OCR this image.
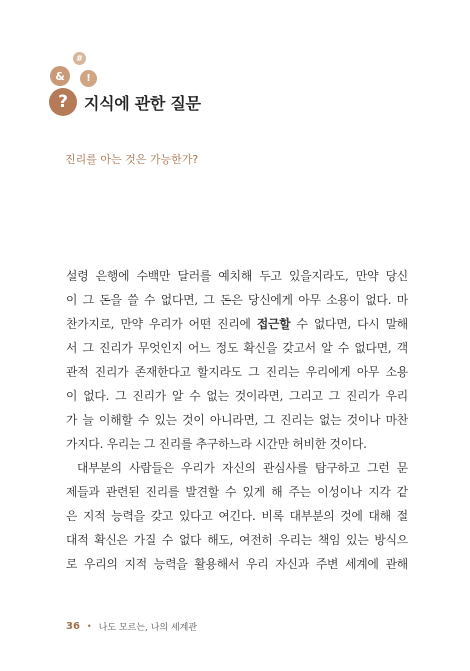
#
&	!
?	지식에 관한 질문
진리를 아는 것은 가능한가?
설령 은행에 수백만 달러를 예치해 두고 있을지라도, 만약 당신
이 그 돈을 쓸 수 없다면, 그 돈은 당신에게 아무 소용이 없다. 마
찬가지로, 만약 우리가 어떤 진리에 접근할 수 없다면, 다시 말해
서 그 진리가 무엇인지 어느 정도 확신을 갖고서 알 수 없다면, 객
관적 진리가 존재한다고 할지라도 그 진리는 우리에게 아무 소용
이 없다. 그 진리가 알 수 없는 것이라면, 그리고 그 진리가 우리
가 늘 이해할 수 있는 것이 아니라면, 그 진리는 없는 것이나 마찬
가지다. 우리는 그 진리를 추구하느라 시간만 허비한 것이다.
대부분의 사람들은 우리가 자신의 관심사를 탐구하고 그런 문
제들과 관련된 진리를 발견할 수 있게 해 주는 이성이나 지각 같
은 지적 능력을 갖고 있다고 여긴다. 비록 대부분의 것에 대해 절
대적 확신은 가질 수 없다 해도, 여전히 우리는 책임 있는 방식으
로 우리의 지적 능력을 활용해서 우리 자신과 주변 세계에 관해
36 • 나도 모르는, 나의 세계관
